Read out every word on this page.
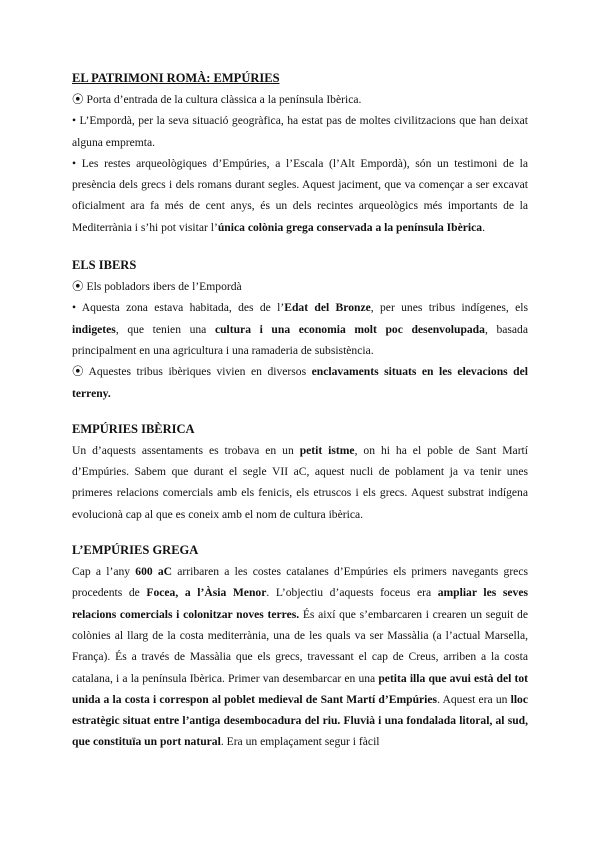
EL PATRIMONI ROMÀ: EMPÚRIES

⦿ Porta d’entrada de la cultura clàssica a la península Ibèrica.

• L’Empordà, per la seva situació geogràfica, ha estat pas de moltes civilitzacions que han deixat alguna empremta.

• Les restes arqueològiques d’Empúries, a l’Escala (l’Alt Empordà), són un testimoni de la presència dels grecs i dels romans durant segles. Aquest jaciment, que va començar a ser excavat oficialment ara fa més de cent anys, és un dels recintes arqueològics més importants de la Mediterrània i s’hi pot visitar l’única colònia grega conservada a la península Ibèrica.

ELS IBERS

⦿ Els pobladors ibers de l’Empordà

• Aquesta zona estava habitada, des de l’Edat del Bronze, per unes tribus indígenes, els indigetes, que tenien una cultura i una economia molt poc desenvolupada, basada principalment en una agricultura i una ramaderia de subsistència.

⦿ Aquestes tribus ibèriques vivien en diversos enclavaments situats en les elevacions del terreny.

EMPÚRIES IBÈRICA

Un d’aquests assentaments es trobava en un petit istme, on hi ha el poble de Sant Martí d’Empúries. Sabem que durant el segle VII aC, aquest nucli de poblament ja va tenir unes primeres relacions comercials amb els fenicis, els etruscos i els grecs. Aquest substrat indígena evolucionà cap al que es coneix amb el nom de cultura ibèrica.

L’EMPÚRIES GREGA

Cap a l’any 600 aC arribaren a les costes catalanes d’Empúries els primers navegants grecs procedents de Focea, a l’Àsia Menor. L’objectiu d’aquests foceus era ampliar les seves relacions comercials i colonitzar noves terres. És així que s’embarcaren i crearen un seguit de colònies al llarg de la costa mediterrània, una de les quals va ser Massàlia (a l’actual Marsella, França). És a través de Massàlia que els grecs, travessant el cap de Creus, arriben a la costa catalana, i a la península Ibèrica. Primer van desembarcar en una petita illa que avui està del tot unida a la costa i correspon al poblet medieval de Sant Martí d’Empúries. Aquest era un lloc estratègic situat entre l’antiga desembocadura del riu. Fluvià i una fondalada litoral, al sud, que constituïa un port natural. Era un emplaçament segur i fàcil
